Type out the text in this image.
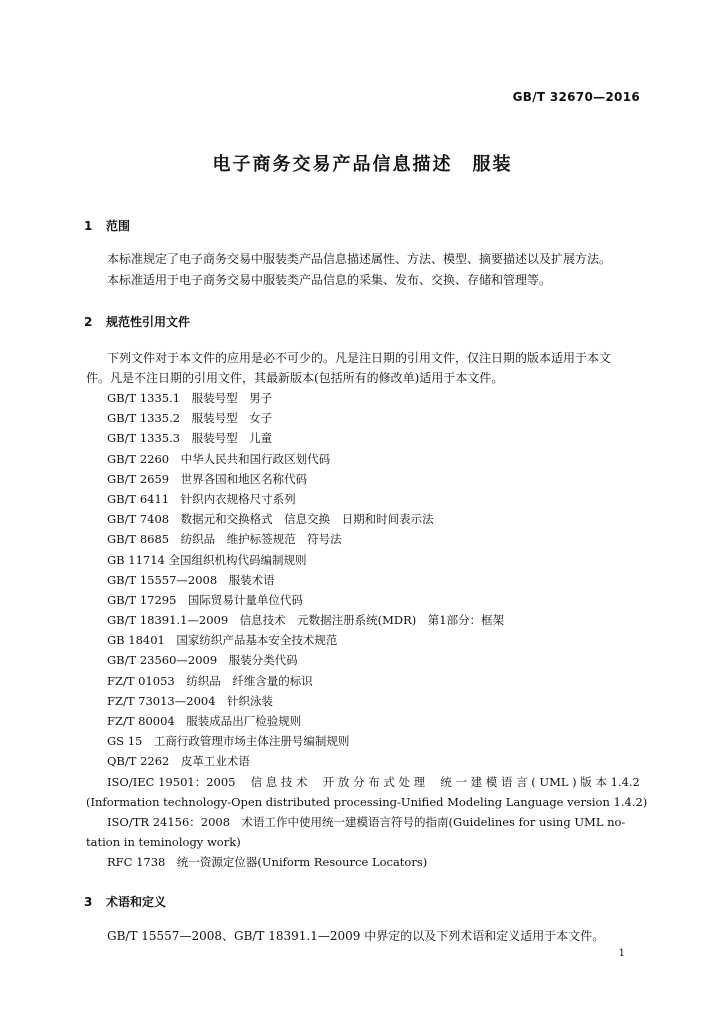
GB/T 32670—2016
电子商务交易产品信息描述　服装
1 范围
本标准规定了电子商务交易中服装类产品信息描述属性、方法、模型、摘要描述以及扩展方法。
本标准适用于电子商务交易中服装类产品信息的采集、发布、交换、存储和管理等。
2 规范性引用文件
下列文件对于本文件的应用是必不可少的。凡是注日期的引用文件，仅注日期的版本适用于本文
件。凡是不注日期的引用文件，其最新版本(包括所有的修改单)适用于本文件。
GB/T 1335.1　服装号型　男子
GB/T 1335.2　服装号型　女子
GB/T 1335.3　服装号型　儿童
GB/T 2260　中华人民共和国行政区划代码
GB/T 2659　世界各国和地区名称代码
GB/T 6411　针织内衣规格尺寸系列
GB/T 7408　数据元和交换格式　信息交换　日期和时间表示法
GB/T 8685　纺织品　维护标签规范　符号法
GB 11714 全国组织机构代码编制规则
GB/T 15557—2008　服装术语
GB/T 17295　国际贸易计量单位代码
GB/T 18391.1—2009　信息技术　元数据注册系统(MDR)　第1部分：框架
GB 18401　国家纺织产品基本安全技术规范
GB/T 23560—2009　服装分类代码
FZ/T 01053　纺织品　纤维含量的标识
FZ/T 73013—2004　针织泳装
FZ/T 80004　服装成品出厂检验规则
GS 15　工商行政管理市场主体注册号编制规则
QB/T 2262　皮革工业术语
ISO/IEC 19501：2005　 信 息 技 术　 开 放 分 布 式 处 理　 统 一 建 模 语 言 ( UML ) 版 本 1.4.2
(Information technology-Open distributed processing-Unified Modeling Language version 1.4.2)
ISO/TR 24156：2008　术语工作中使用统一建模语言符号的指南(Guidelines for using UML no-
tation in teminology work)
RFC 1738　统一资源定位器(Uniform Resource Locators)
3 术语和定义
GB/T 15557—2008、GB/T 18391.1—2009 中界定的以及下列术语和定义适用于本文件。
1
